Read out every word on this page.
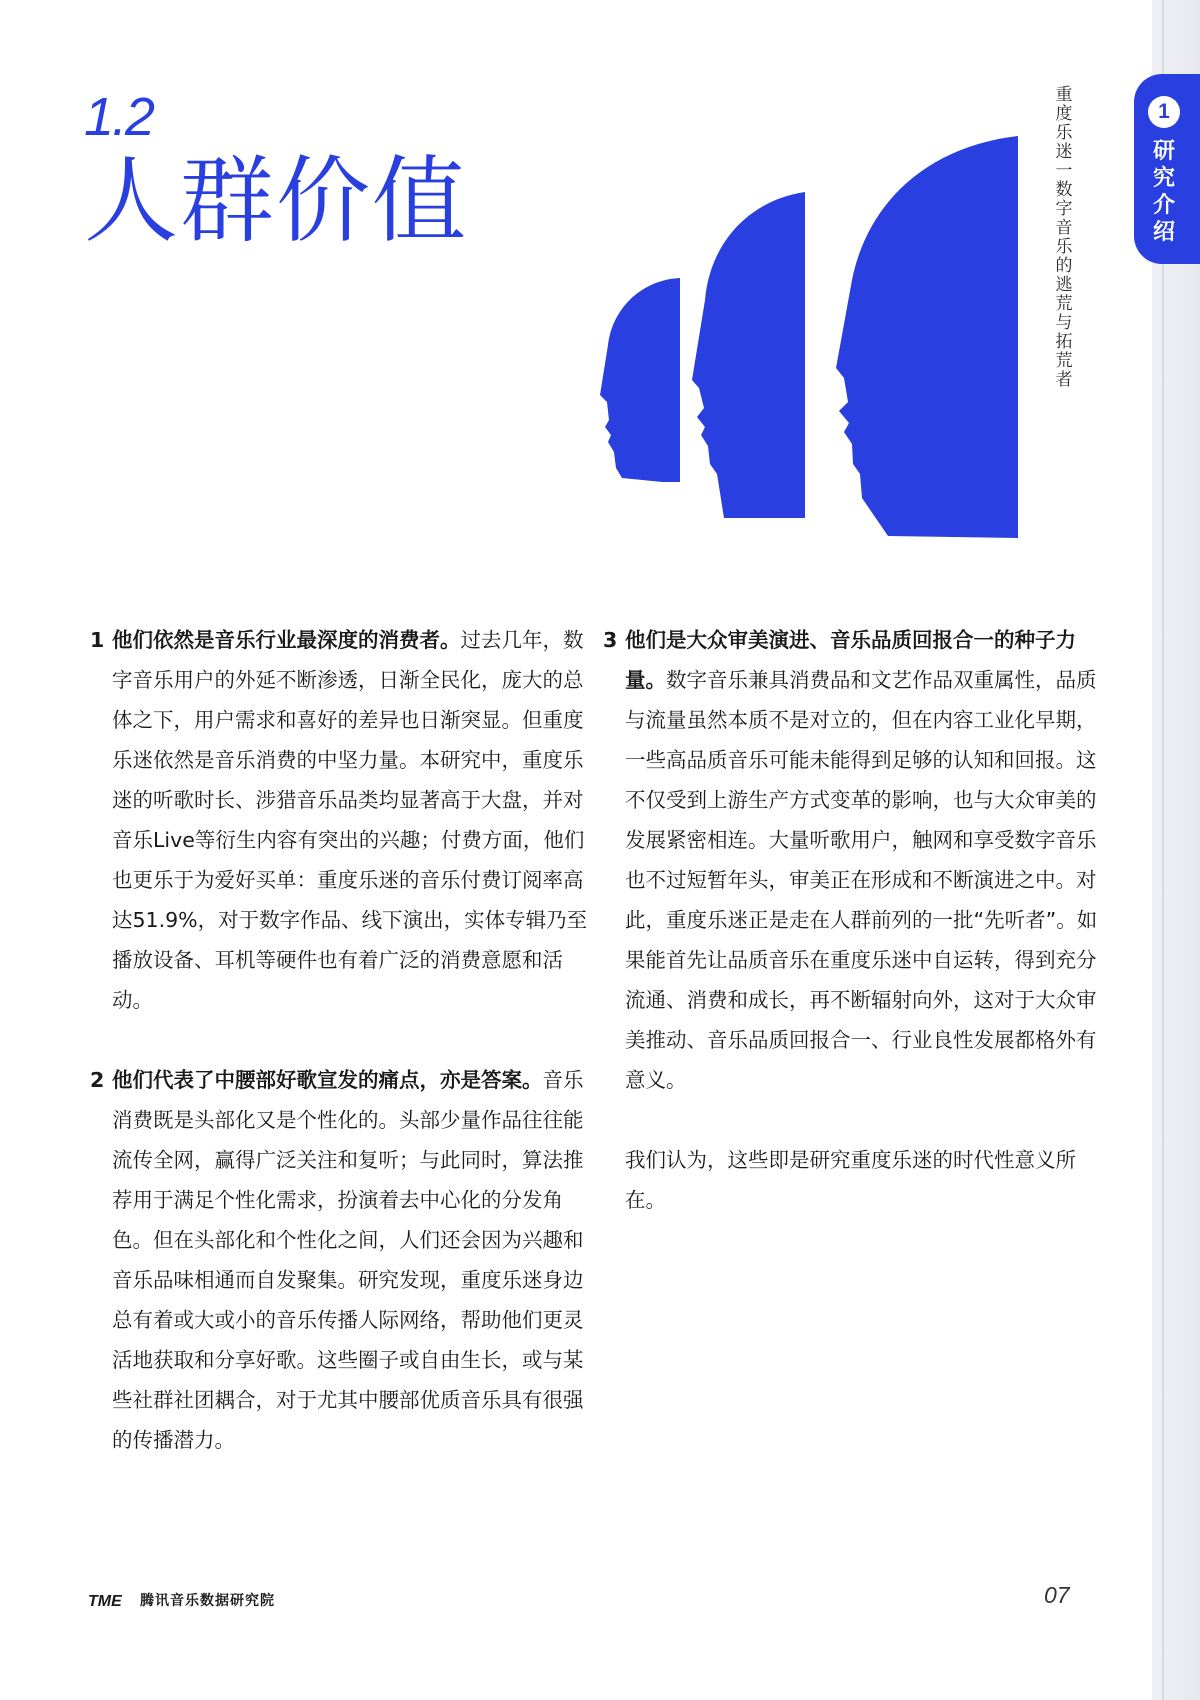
1.2
人群价值
重度乐迷一数字音乐的逃荒与拓荒者
1
研究介绍
1 他们依然是音乐行业最深度的消费者。过去几年，数字音乐用户的外延不断渗透，日渐全民化，庞大的总体之下，用户需求和喜好的差异也日渐突显。但重度乐迷依然是音乐消费的中坚力量。本研究中，重度乐迷的听歌时长、涉猎音乐品类均显著高于大盘，并对音乐Live等衍生内容有突出的兴趣；付费方面，他们也更乐于为爱好买单：重度乐迷的音乐付费订阅率高达51.9%，对于数字作品、线下演出，实体专辑乃至播放设备、耳机等硬件也有着广泛的消费意愿和活动。

2 他们代表了中腰部好歌宣发的痛点，亦是答案。音乐消费既是头部化又是个性化的。头部少量作品往往能流传全网，赢得广泛关注和复听；与此同时，算法推荐用于满足个性化需求，扮演着去中心化的分发角色。但在头部化和个性化之间，人们还会因为兴趣和音乐品味相通而自发聚集。研究发现，重度乐迷身边总有着或大或小的音乐传播人际网络，帮助他们更灵活地获取和分享好歌。这些圈子或自由生长，或与某些社群社团耦合，对于尤其中腰部优质音乐具有很强的传播潜力。

3 他们是大众审美演进、音乐品质回报合一的种子力量。数字音乐兼具消费品和文艺作品双重属性，品质与流量虽然本质不是对立的，但在内容工业化早期，一些高品质音乐可能未能得到足够的认知和回报。这不仅受到上游生产方式变革的影响，也与大众审美的发展紧密相连。大量听歌用户，触网和享受数字音乐也不过短暂年头，审美正在形成和不断演进之中。对此，重度乐迷正是走在人群前列的一批“先听者”。如果能首先让品质音乐在重度乐迷中自运转，得到充分流通、消费和成长，再不断辐射向外，这对于大众审美推动、音乐品质回报合一、行业良性发展都格外有意义。

我们认为，这些即是研究重度乐迷的时代性意义所在。

TME 腾讯音乐数据研究院	07
